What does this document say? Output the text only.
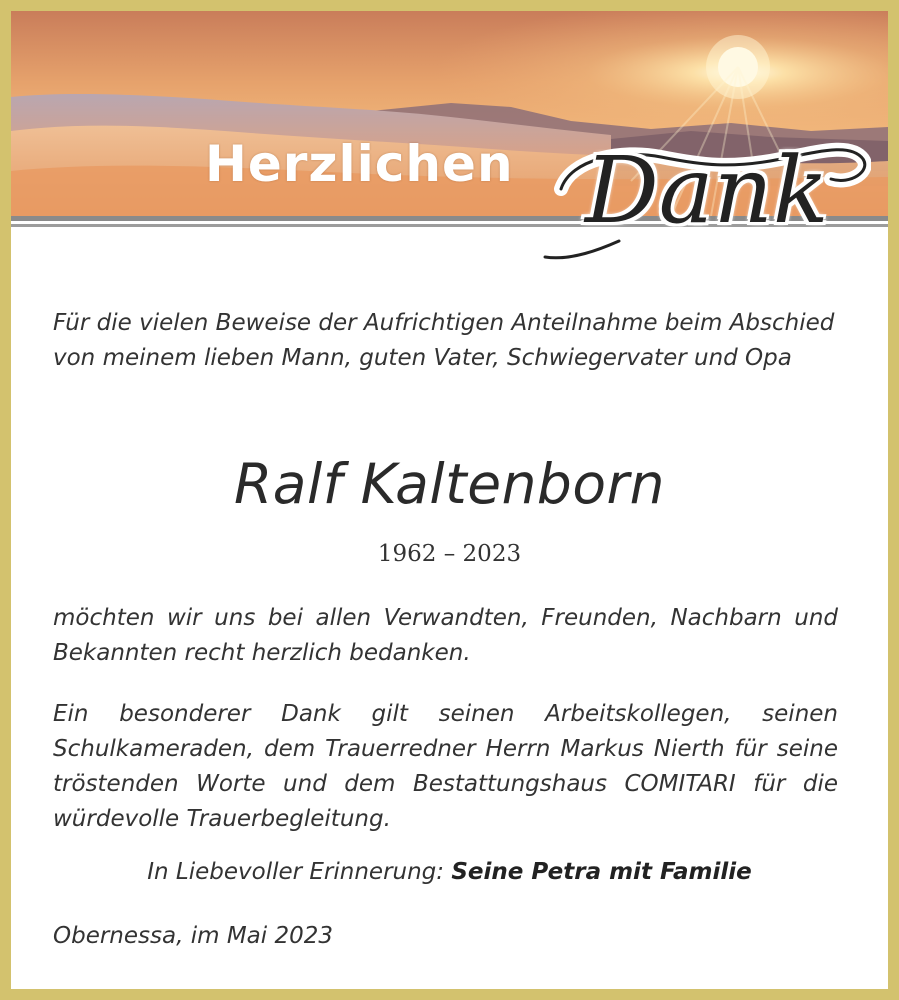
Herzlichen Dank
Für die vielen Beweise der Aufrichtigen Anteilnahme beim Abschied von meinem lieben Mann, guten Vater, Schwiegervater und Opa
Ralf Kaltenborn
1962 – 2023
möchten wir uns bei allen Verwandten, Freunden, Nachbarn und Bekannten recht herzlich bedanken.
Ein besonderer Dank gilt seinen Arbeitskollegen, seinen Schulkameraden, dem Trauerredner Herrn Markus Nierth für seine tröstenden Worte und dem Bestattungshaus COMITARI für die würdevolle Trauerbegleitung.
In Liebevoller Erinnerung: Seine Petra mit Familie
Obernessa, im Mai 2023
